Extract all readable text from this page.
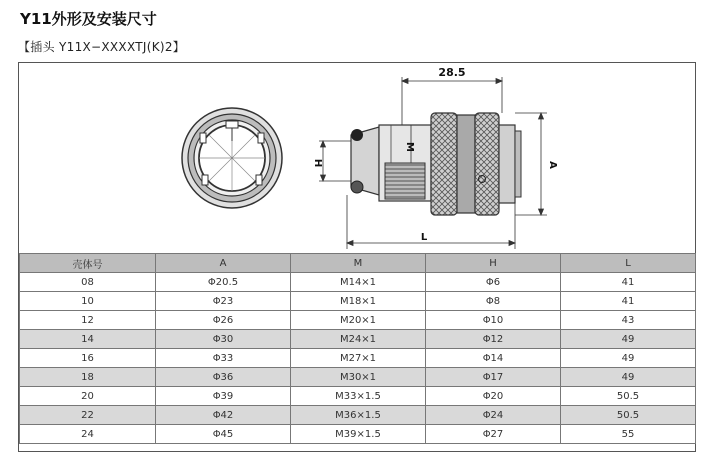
Y11外形及安装尺寸
【插头 Y11X−XXXXTJ(K)2】
28.5
M
H	A
L
壳体号	A	M	H	L
08	Φ20.5	M14×1	Φ6	41
10	Φ23	M18×1	Φ8	41
12	Φ26	M20×1	Φ10	43
14	Φ30	M24×1	Φ12	49
16	Φ33	M27×1	Φ14	49
18	Φ36	M30×1	Φ17	49
20	Φ39	M33×1.5	Φ20	50.5
22	Φ42	M36×1.5	Φ24	50.5
24	Φ45	M39×1.5	Φ27	55
